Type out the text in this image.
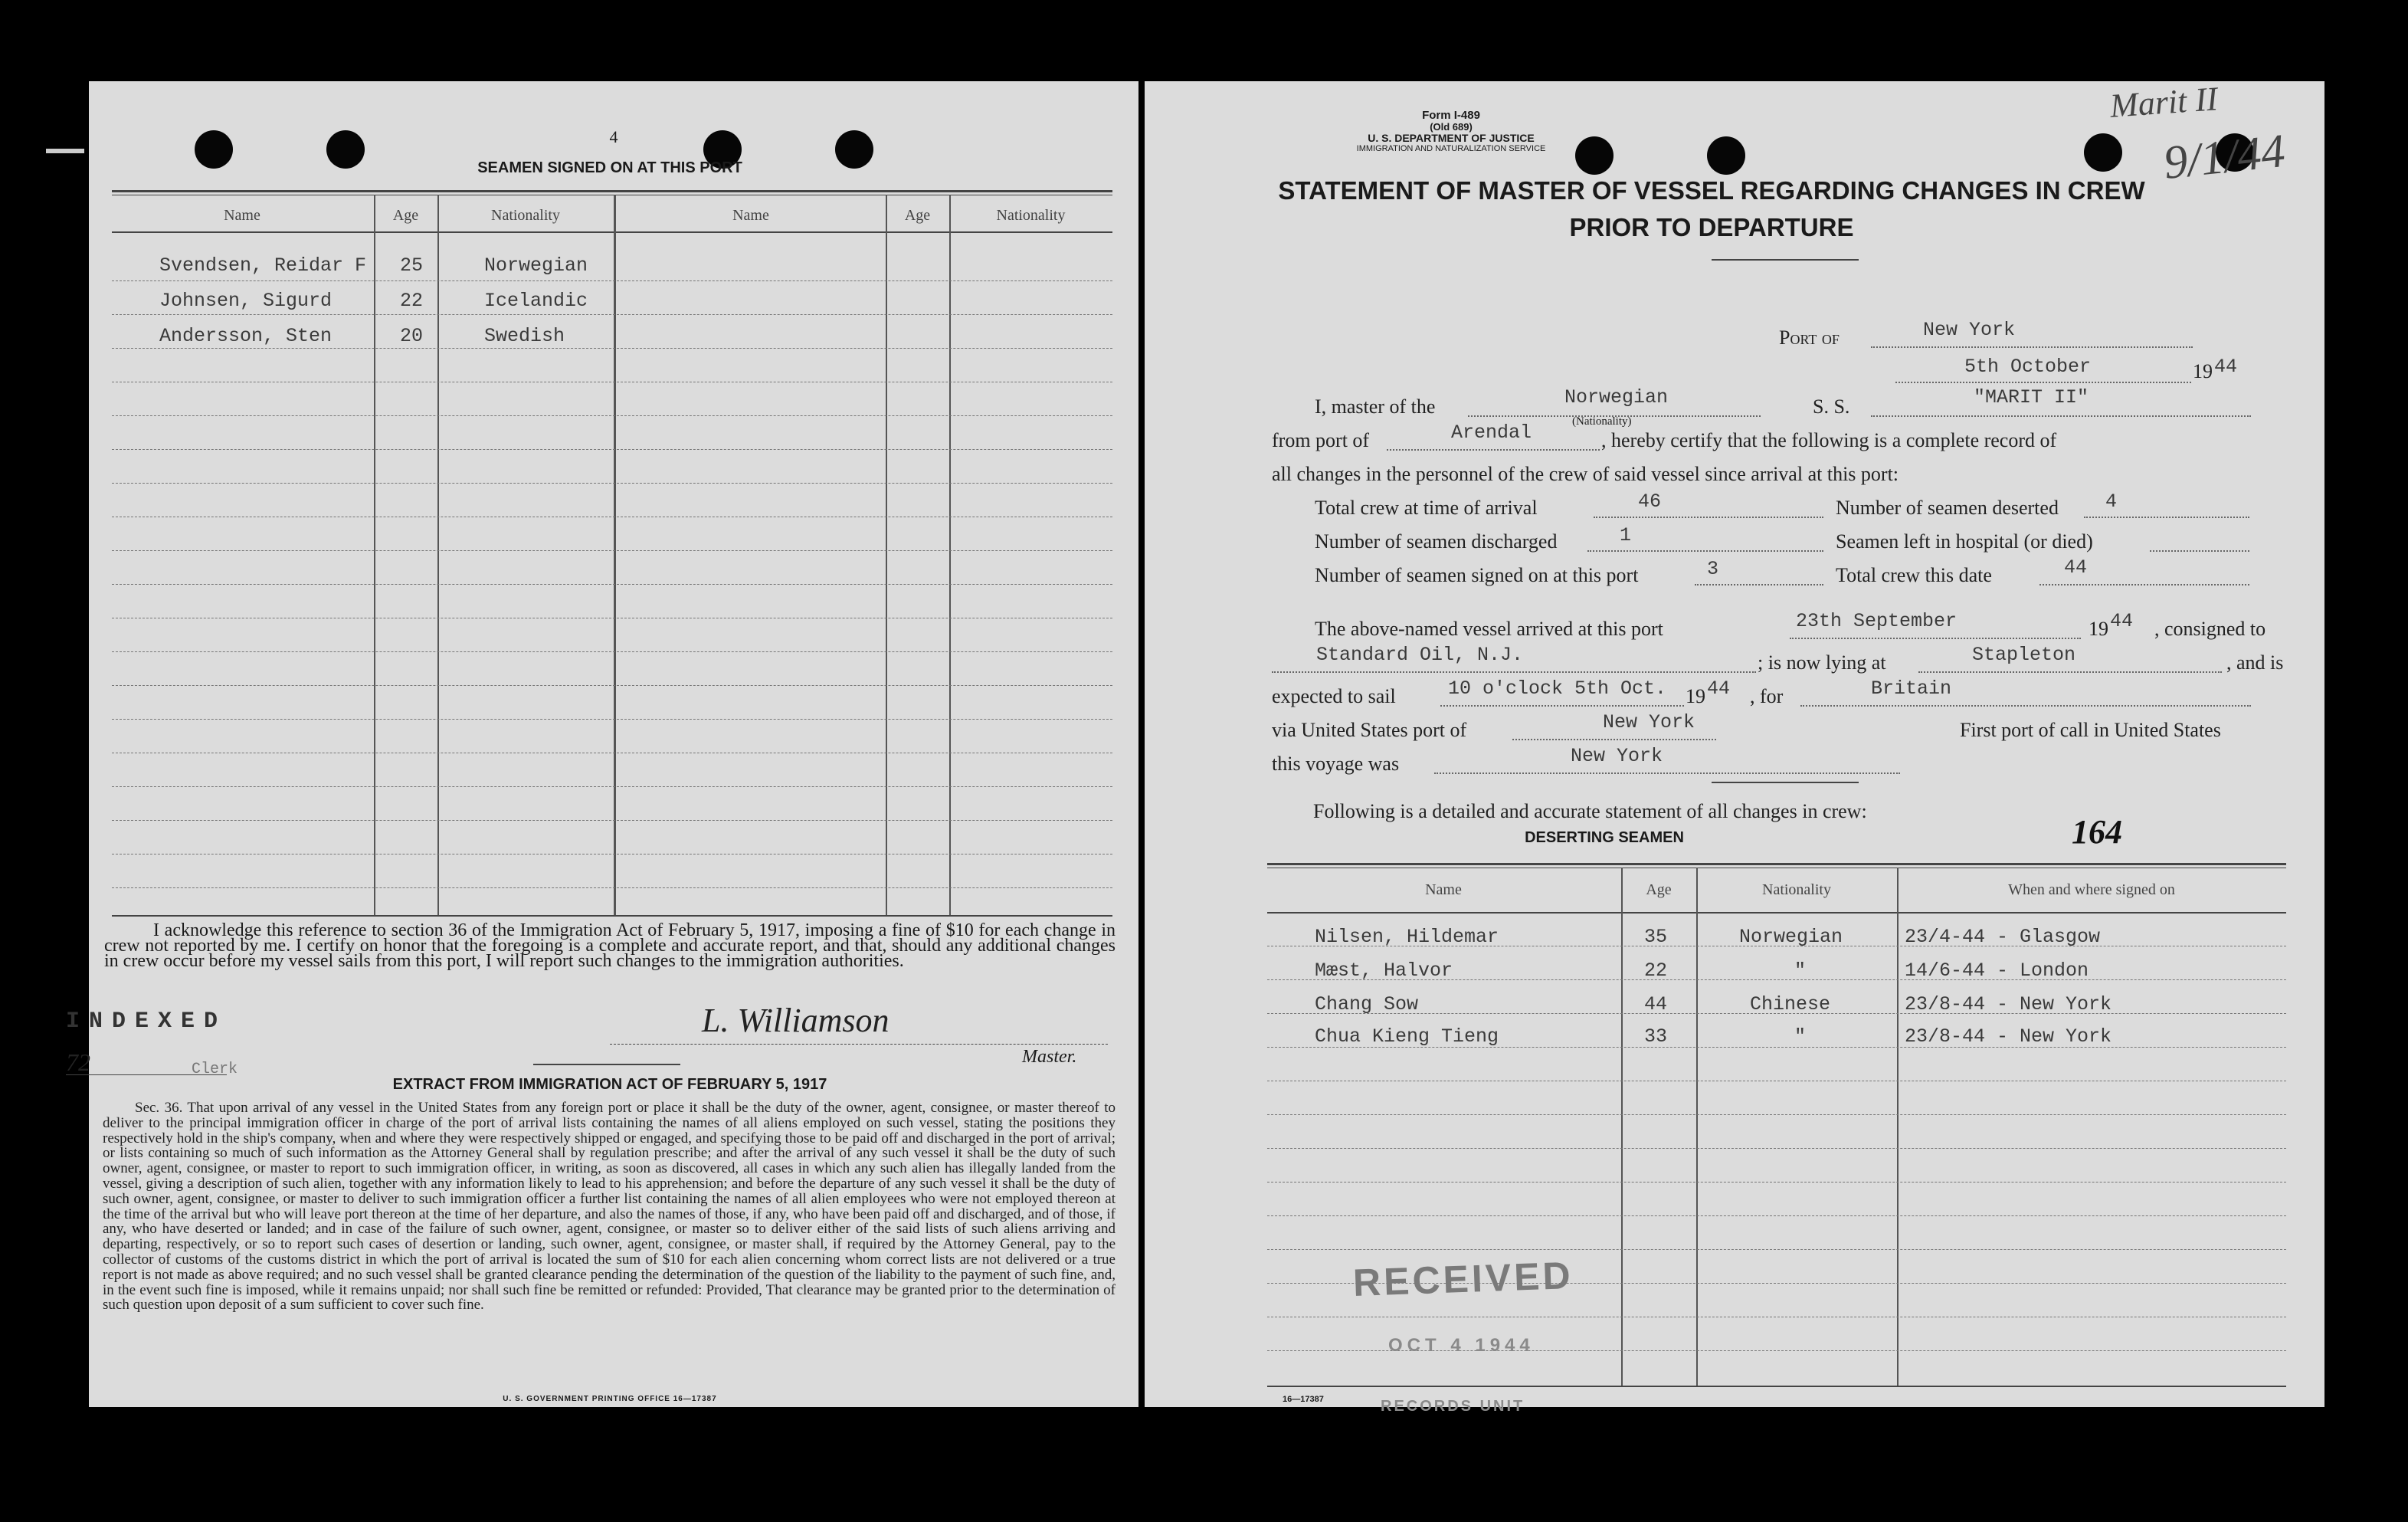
4
SEAMEN SIGNED ON AT THIS PORT
Name	Age	Nationality	Name	Age	Nationality
Svendsen, Reidar F 25	Norwegian
Johnsen, Sigurd	22	Icelandic
Andersson, Sten	20	Swedish
I acknowledge this reference to section 36 of the Immigration Act of February 5, 1917, imposing a fine of $10 for each change in crew not reported by me. I certify on honor that the foregoing is a complete and accurate report, and that, should any additional changes in crew occur before my vessel sails from this port, I will report such changes to the immigration authorities.
INDEXED
72	Clerk
L. Williamson
Master.
EXTRACT FROM IMMIGRATION ACT OF FEBRUARY 5, 1917
Sec. 36. That upon arrival of any vessel in the United States from any foreign port or place it shall be the duty of the owner, agent, consignee, or master thereof to deliver to the principal immigration officer in charge of the port of arrival lists containing the names of all aliens employed on such vessel, stating the positions they respectively hold in the ship's company, when and where they were respectively shipped or engaged, and specifying those to be paid off and discharged in the port of arrival; or lists containing so much of such information as the Attorney General shall by regulation prescribe; and after the arrival of any such vessel it shall be the duty of such owner, agent, consignee, or master to report to such immigration officer, in writing, as soon as discovered, all cases in which any such alien has illegally landed from the vessel, giving a description of such alien, together with any information likely to lead to his apprehension; and before the departure of any such vessel it shall be the duty of such owner, agent, consignee, or master to deliver to such immigration officer a further list containing the names of all alien employees who were not employed thereon at the time of the arrival but who will leave port thereon at the time of her departure, and also the names of those, if any, who have been paid off and discharged, and of those, if any, who have deserted or landed; and in case of the failure of such owner, agent, consignee, or master so to deliver either of the said lists of such aliens arriving and departing, respectively, or so to report such cases of desertion or landing, such owner, agent, consignee, or master shall, if required by the Attorney General, pay to the collector of customs of the customs district in which the port of arrival is located the sum of $10 for each alien concerning whom correct lists are not delivered or a true report is not made as above required; and no such vessel shall be granted clearance pending the determination of the question of the liability to the payment of such fine, and, in the event such fine is imposed, while it remains unpaid; nor shall such fine be remitted or refunded: Provided, That clearance may be granted prior to the determination of such question upon deposit of a sum sufficient to cover such fine.
U. S. GOVERNMENT PRINTING OFFICE 16—17387
Form I-489
(Old 689)
U. S. DEPARTMENT OF JUSTICE
IMMIGRATION AND NATURALIZATION SERVICE
Marit II
9/1/44
STATEMENT OF MASTER OF VESSEL REGARDING CHANGES IN CREW
PRIOR TO DEPARTURE
Port of	New York
5th October	19 44
I, master of the	Norwegian
(Nationality)
S. S.	"MARIT II"
from port of	Arendal	, hereby certify that the following is a complete record of
all changes in the personnel of the crew of said vessel since arrival at this port:
Total crew at time of arrival	46	Number of seamen deserted 4
Number of seamen discharged	1	Seamen left in hospital (or died)
Number of seamen signed on at this port	3	Total crew this date	44
The above-named vessel arrived at this port	23th September	19 44 , consigned to
Standard Oil, N.J.	; is now lying at	Stapleton	, and is
expected to sail	10 o'clock 5th Oct. 19 44 , for	Britain
via United States port of	New York	First port of call in United States
this voyage was	New York
Following is a detailed and accurate statement of all changes in crew:
DESERTING SEAMEN	164
Name	Age	Nationality	When and where signed on
Nilsen, Hildemar	35	Norwegian	23/4-44 - Glasgow
Mæst, Halvor	22	"	14/6-44 - London
Chang Sow	44	Chinese	23/8-44 - New York
Chua Kieng Tieng	33	"	23/8-44 - New York
RECEIVED
OCT 4 1944
RECORDS UNIT
16—17387
